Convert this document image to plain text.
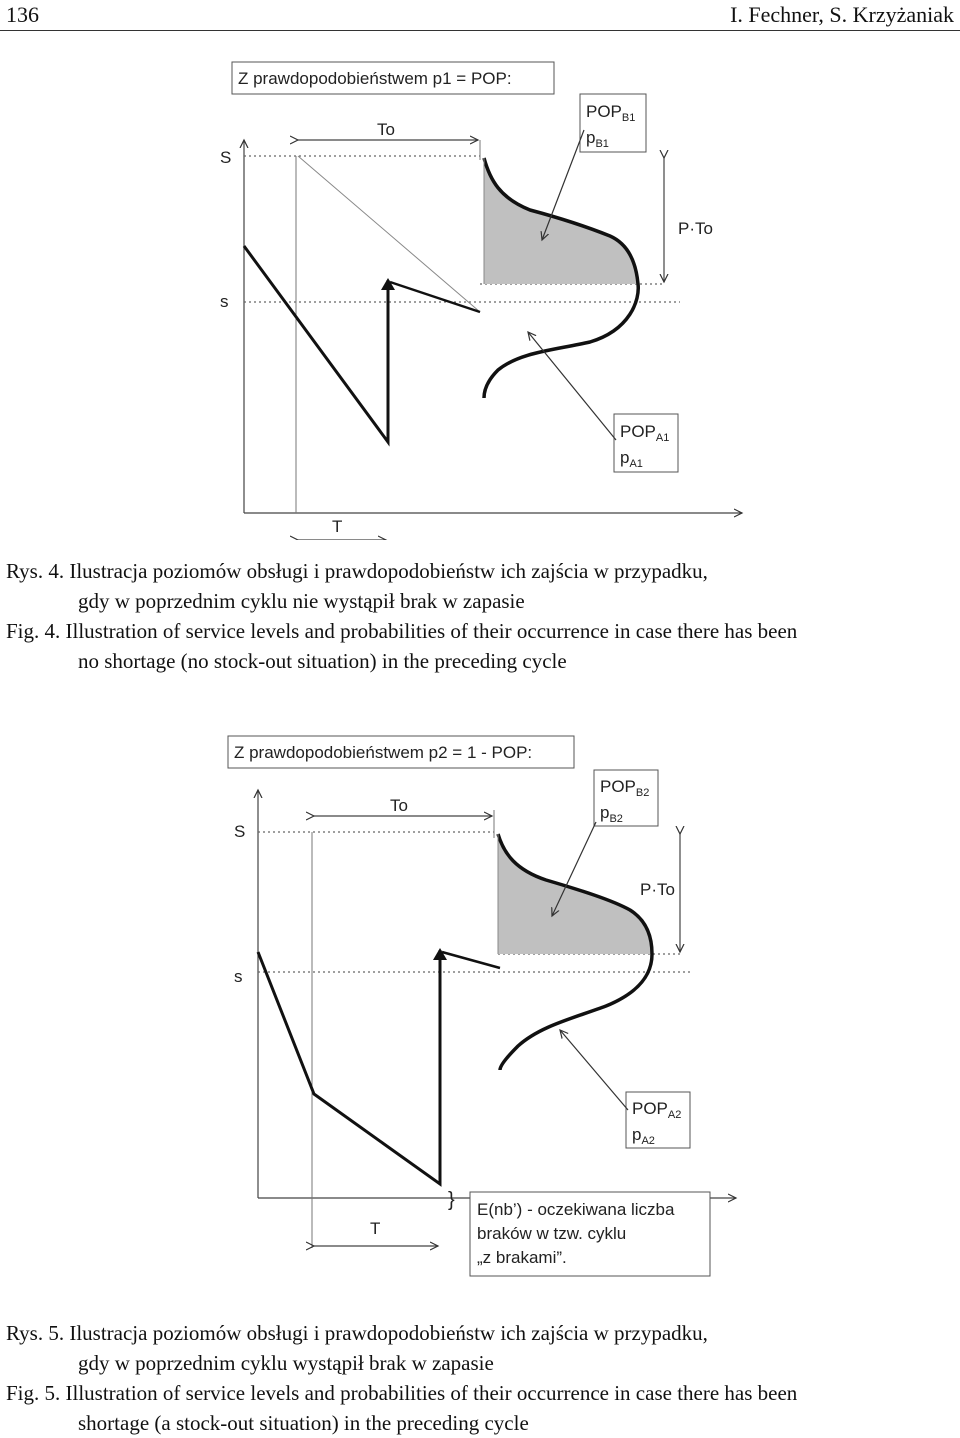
136	I. Fechner, S. Krzyżaniak
Z prawdopodobieństwem p1 = POP:
S
s
To
T
P·To
$POP_{B1}$
$p_{B1}$
$POP_{A1}$
$p_{A1}$
Rys. 4. Ilustracja poziomów obsługi i prawdopodobieństw ich zajścia w przypadku,
gdy w poprzednim cyklu nie wystąpił brak w zapasie
Fig. 4. Illustration of service levels and probabilities of their occurrence in case there has been
no shortage (no stock-out situation) in the preceding cycle
Z prawdopodobieństwem p2 = 1 - POP:
S
s
To
T
P·To
$POP_{B2}$
$p_{B2}$
$POP_{A2}$
$p_{A2}$
} E(nb’) - oczekiwana liczba
braków w tzw. cyklu
„z brakami”.
Rys. 5. Ilustracja poziomów obsługi i prawdopodobieństw ich zajścia w przypadku,
gdy w poprzednim cyklu wystąpił brak w zapasie
Fig. 5. Illustration of service levels and probabilities of their occurrence in case there has been
shortage (a stock-out situation) in the preceding cycle
